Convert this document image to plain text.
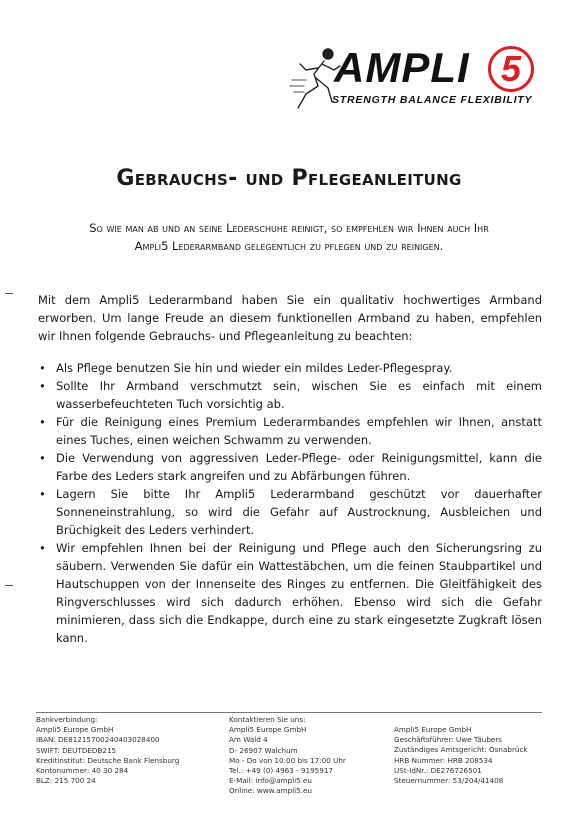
AMPLI 5
STRENGTH BALANCE FLEXIBILITY
Gebrauchs- und Pflegeanleitung
So wie man ab und an seine Lederschuhe reinigt, so empfehlen wir Ihnen auch Ihr Ampli5 Lederarmband gelegentlich zu pflegen und zu reinigen.

Mit dem Ampli5 Lederarmband haben Sie ein qualitativ hochwertiges Armband erworben. Um lange Freude an diesem funktionellen Armband zu haben, empfehlen wir Ihnen folgende Gebrauchs- und Pflegeanleitung zu beachten:

• Als Pflege benutzen Sie hin und wieder ein mildes Leder-Pflegespray.
• Sollte Ihr Armband verschmutzt sein, wischen Sie es einfach mit einem wasserbefeuchteten Tuch vorsichtig ab.
• Für die Reinigung eines Premium Lederarmbandes empfehlen wir Ihnen, anstatt eines Tuches, einen weichen Schwamm zu verwenden.
• Die Verwendung von aggressiven Leder-Pflege- oder Reinigungsmittel, kann die Farbe des Leders stark angreifen und zu Abfärbungen führen.
• Lagern Sie bitte Ihr Ampli5 Lederarmband geschützt vor dauerhafter Sonneneinstrahlung, so wird die Gefahr auf Austrocknung, Ausbleichen und Brüchigkeit des Leders verhindert.
• Wir empfehlen Ihnen bei der Reinigung und Pflege auch den Sicherungsring zu säubern. Verwenden Sie dafür ein Wattestäbchen, um die feinen Staubpartikel und Hautschuppen von der Innenseite des Ringes zu entfernen. Die Gleitfähigkeit des Ringverschlusses wird sich dadurch erhöhen. Ebenso wird sich die Gefahr minimieren, dass sich die Endkappe, durch eine zu stark eingesetzte Zugkraft lösen kann.
Bankverbindung:
Ampli5 Europe GmbH
IBAN: DE81215700240403028400
SWIFT: DEUTDEDB215
Kreditinstitut: Deutsche Bank Flensburg
Kontonummer: 40 30 284
BLZ: 215 700 24
Kontaktieren Sie uns:
Ampli5 Europe GmbH
Am Wald 4
D- 26907 Walchum
Mo - Do von 10:00 bis 17:00 Uhr
Tel.: +49 (0) 4963 - 9195917
E-Mail: info@ampli5.eu
Online: www.ampli5.eu
Ampli5 Europe GmbH
Geschäftsführer: Uwe Täubers
Zuständiges Amtsgericht: Osnabrück
HRB Nummer: HRB 208534
USt-IdNr.: DE276726501
Steuernummer: 53/204/41408
